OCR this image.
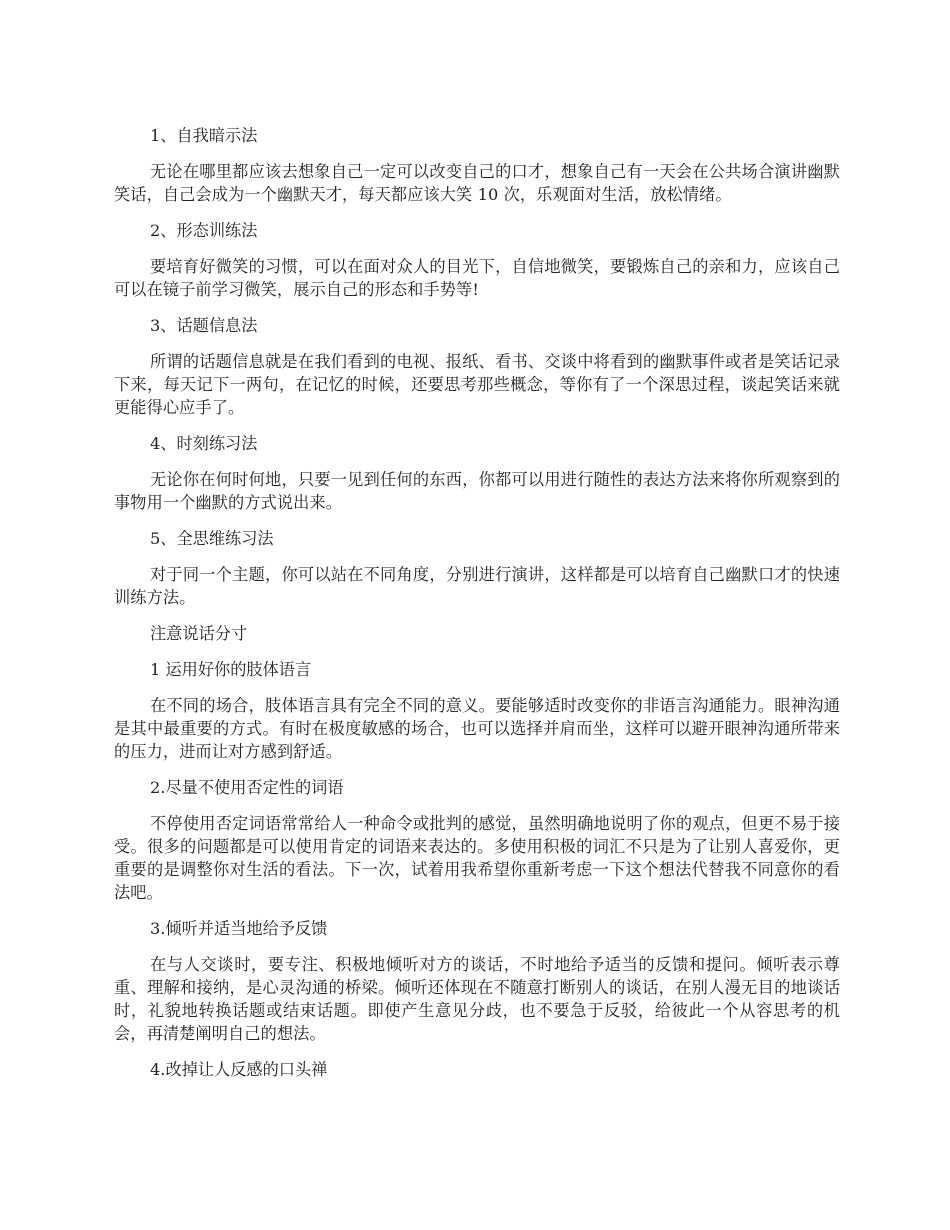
1、自我暗示法

无论在哪里都应该去想象自己一定可以改变自己的口才，想象自己有一天会在公共场合演讲幽默笑话，自己会成为一个幽默天才，每天都应该大笑 10 次，乐观面对生活，放松情绪。

2、形态训练法

要培育好微笑的习惯，可以在面对众人的目光下，自信地微笑，要锻炼自己的亲和力，应该自己可以在镜子前学习微笑，展示自己的形态和手势等!

3、话题信息法

所谓的话题信息就是在我们看到的电视、报纸、看书、交谈中将看到的幽默事件或者是笑话记录下来，每天记下一两句，在记忆的时候，还要思考那些概念，等你有了一个深思过程，谈起笑话来就更能得心应手了。

4、时刻练习法

无论你在何时何地，只要一见到任何的东西，你都可以用进行随性的表达方法来将你所观察到的事物用一个幽默的方式说出来。

5、全思维练习法

对于同一个主题，你可以站在不同角度，分别进行演讲，这样都是可以培育自己幽默口才的快速训练方法。

注意说话分寸

1 运用好你的肢体语言

在不同的场合，肢体语言具有完全不同的意义。要能够适时改变你的非语言沟通能力。眼神沟通是其中最重要的方式。有时在极度敏感的场合，也可以选择并肩而坐，这样可以避开眼神沟通所带来的压力，进而让对方感到舒适。

2.尽量不使用否定性的词语

不停使用否定词语常常给人一种命令或批判的感觉，虽然明确地说明了你的观点，但更不易于接受。很多的问题都是可以使用肯定的词语来表达的。多使用积极的词汇不只是为了让别人喜爱你，更重要的是调整你对生活的看法。下一次，试着用我希望你重新考虑一下这个想法代替我不同意你的看法吧。

3.倾听并适当地给予反馈

在与人交谈时，要专注、积极地倾听对方的谈话，不时地给予适当的反馈和提问。倾听表示尊重、理解和接纳，是心灵沟通的桥梁。倾听还体现在不随意打断别人的谈话，在别人漫无目的地谈话时，礼貌地转换话题或结束话题。即使产生意见分歧，也不要急于反驳，给彼此一个从容思考的机会，再清楚阐明自己的想法。

4.改掉让人反感的口头禅
